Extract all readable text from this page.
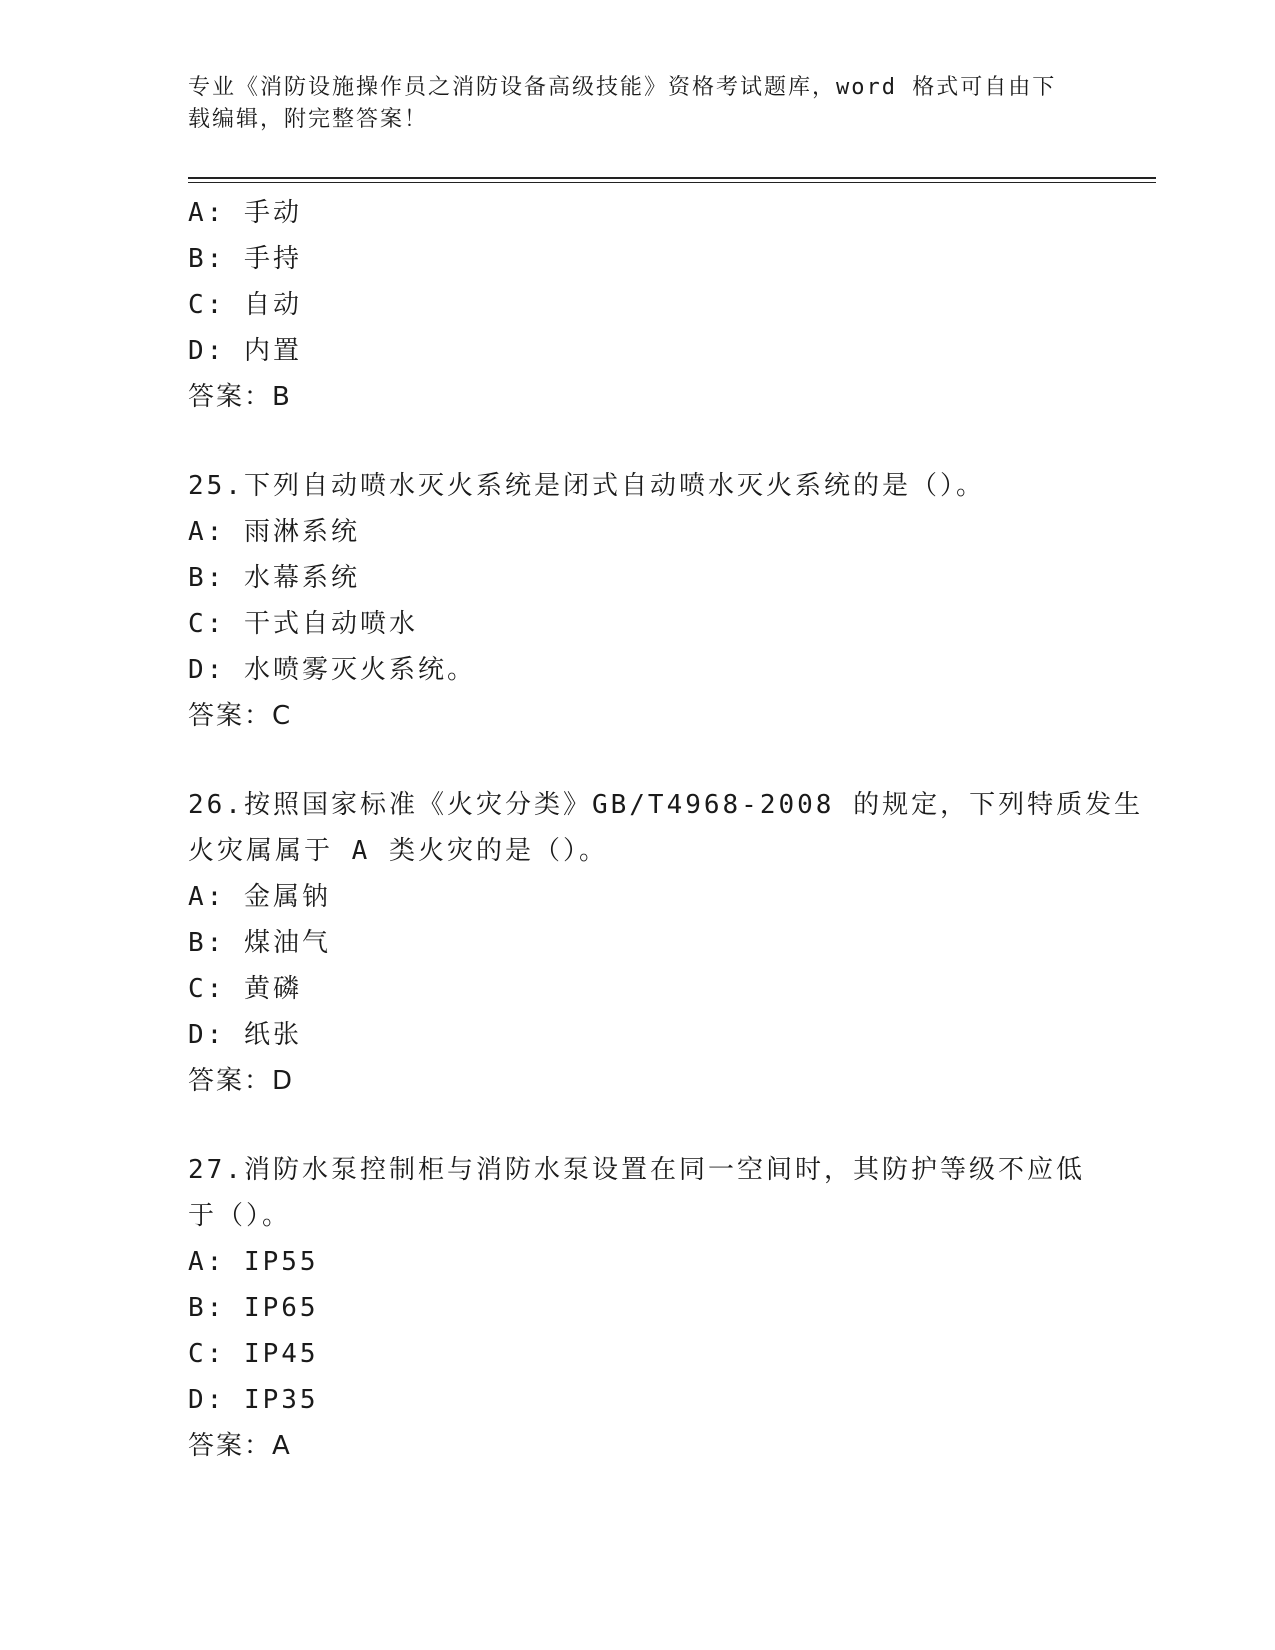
专业《消防设施操作员之消防设备高级技能》资格考试题库，word 格式可自由下
载编辑，附完整答案！
A: 手动
B: 手持
C: 自动
D: 内置
答案：B
25.下列自动喷水灭火系统是闭式自动喷水灭火系统的是（）。
A: 雨淋系统
B: 水幕系统
C: 干式自动喷水
D: 水喷雾灭火系统。
答案：C
26.按照国家标准《火灾分类》GB/T4968-2008 的规定，下列特质发生
火灾属属于 A 类火灾的是（）。
A: 金属钠
B: 煤油气
C: 黄磷
D: 纸张
答案：D
27.消防水泵控制柜与消防水泵设置在同一空间时，其防护等级不应低
于（）。
A: IP55
B: IP65
C: IP45
D: IP35
答案：A
